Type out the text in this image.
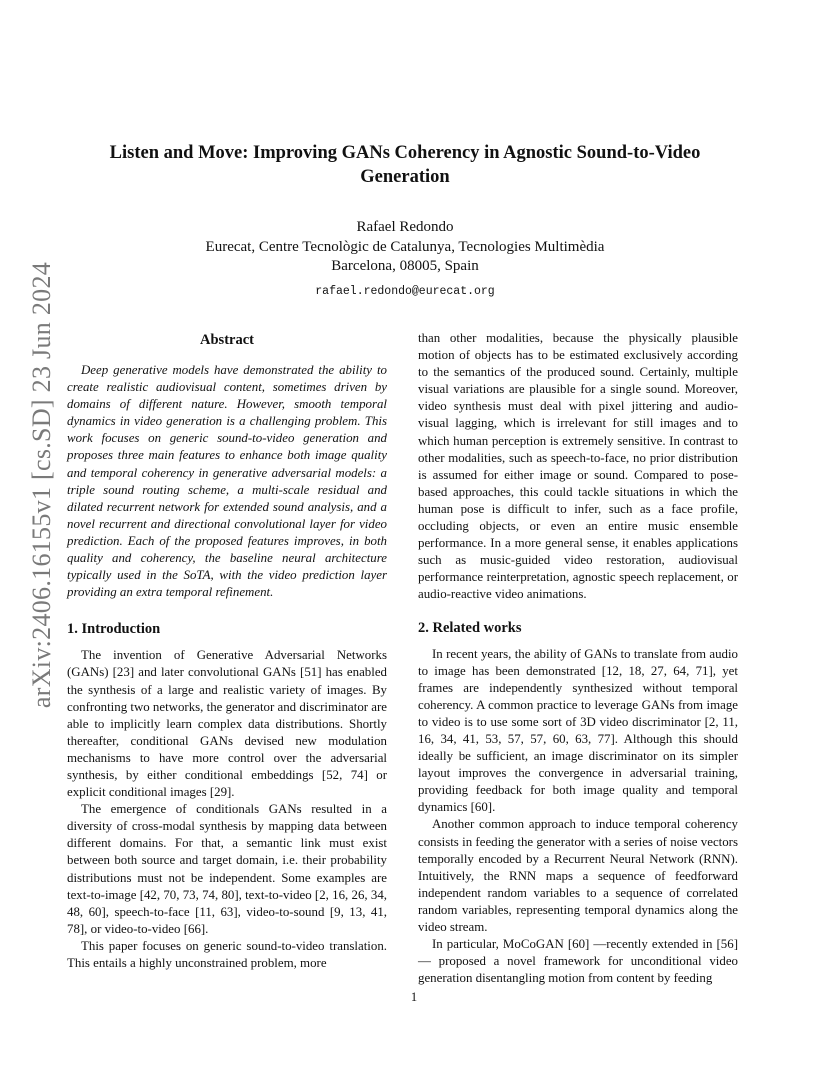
arXiv:2406.16155v1 [cs.SD] 23 Jun 2024
Listen and Move: Improving GANs Coherency in Agnostic Sound-to-Video Generation
Rafael Redondo
Eurecat, Centre Tecnològic de Catalunya, Tecnologies Multimèdia
Barcelona, 08005, Spain
rafael.redondo@eurecat.org
Abstract

Deep generative models have demonstrated the ability to create realistic audiovisual content, sometimes driven by domains of different nature. However, smooth temporal dynamics in video generation is a challenging problem. This work focuses on generic sound-to-video generation and proposes three main features to enhance both image quality and temporal coherency in generative adversarial models: a triple sound routing scheme, a multi-scale residual and dilated recurrent network for extended sound analysis, and a novel recurrent and directional convolutional layer for video prediction. Each of the proposed features improves, in both quality and coherency, the baseline neural architecture typically used in the SoTA, with the video prediction layer providing an extra temporal refinement.

1. Introduction

The invention of Generative Adversarial Networks (GANs) [23] and later convolutional GANs [51] has enabled the synthesis of a large and realistic variety of images. By confronting two networks, the generator and discriminator are able to implicitly learn complex data distributions. Shortly thereafter, conditional GANs devised new modulation mechanisms to have more control over the adversarial synthesis, by either conditional embeddings [52, 74] or explicit conditional images [29].

The emergence of conditionals GANs resulted in a diversity of cross-modal synthesis by mapping data between different domains. For that, a semantic link must exist between both source and target domain, i.e. their probability distributions must not be independent. Some examples are text-to-image [42, 70, 73, 74, 80], text-to-video [2, 16, 26, 34, 48, 60], speech-to-face [11, 63], video-to-sound [9, 13, 41, 78], or video-to-video [66].

This paper focuses on generic sound-to-video translation. This entails a highly unconstrained problem, more

than other modalities, because the physically plausible motion of objects has to be estimated exclusively according to the semantics of the produced sound. Certainly, multiple visual variations are plausible for a single sound. Moreover, video synthesis must deal with pixel jittering and audio-visual lagging, which is irrelevant for still images and to which human perception is extremely sensitive. In contrast to other modalities, such as speech-to-face, no prior distribution is assumed for either image or sound. Compared to pose-based approaches, this could tackle situations in which the human pose is difficult to infer, such as a face profile, occluding objects, or even an entire music ensemble performance. In a more general sense, it enables applications such as music-guided video restoration, audiovisual performance reinterpretation, agnostic speech replacement, or audio-reactive video animations.

2. Related works

In recent years, the ability of GANs to translate from audio to image has been demonstrated [12, 18, 27, 64, 71], yet frames are independently synthesized without temporal coherency. A common practice to leverage GANs from image to video is to use some sort of 3D video discriminator [2, 11, 16, 34, 41, 53, 57, 57, 60, 63, 77]. Although this should ideally be sufficient, an image discriminator on its simpler layout improves the convergence in adversarial training, providing feedback for both image quality and temporal dynamics [60].

Another common approach to induce temporal coherency consists in feeding the generator with a series of noise vectors temporally encoded by a Recurrent Neural Network (RNN). Intuitively, the RNN maps a sequence of feedforward independent random variables to a sequence of correlated random variables, representing temporal dynamics along the video stream.

In particular, MoCoGAN [60] —recently extended in [56]— proposed a novel framework for unconditional video generation disentangling motion from content by feeding

1
